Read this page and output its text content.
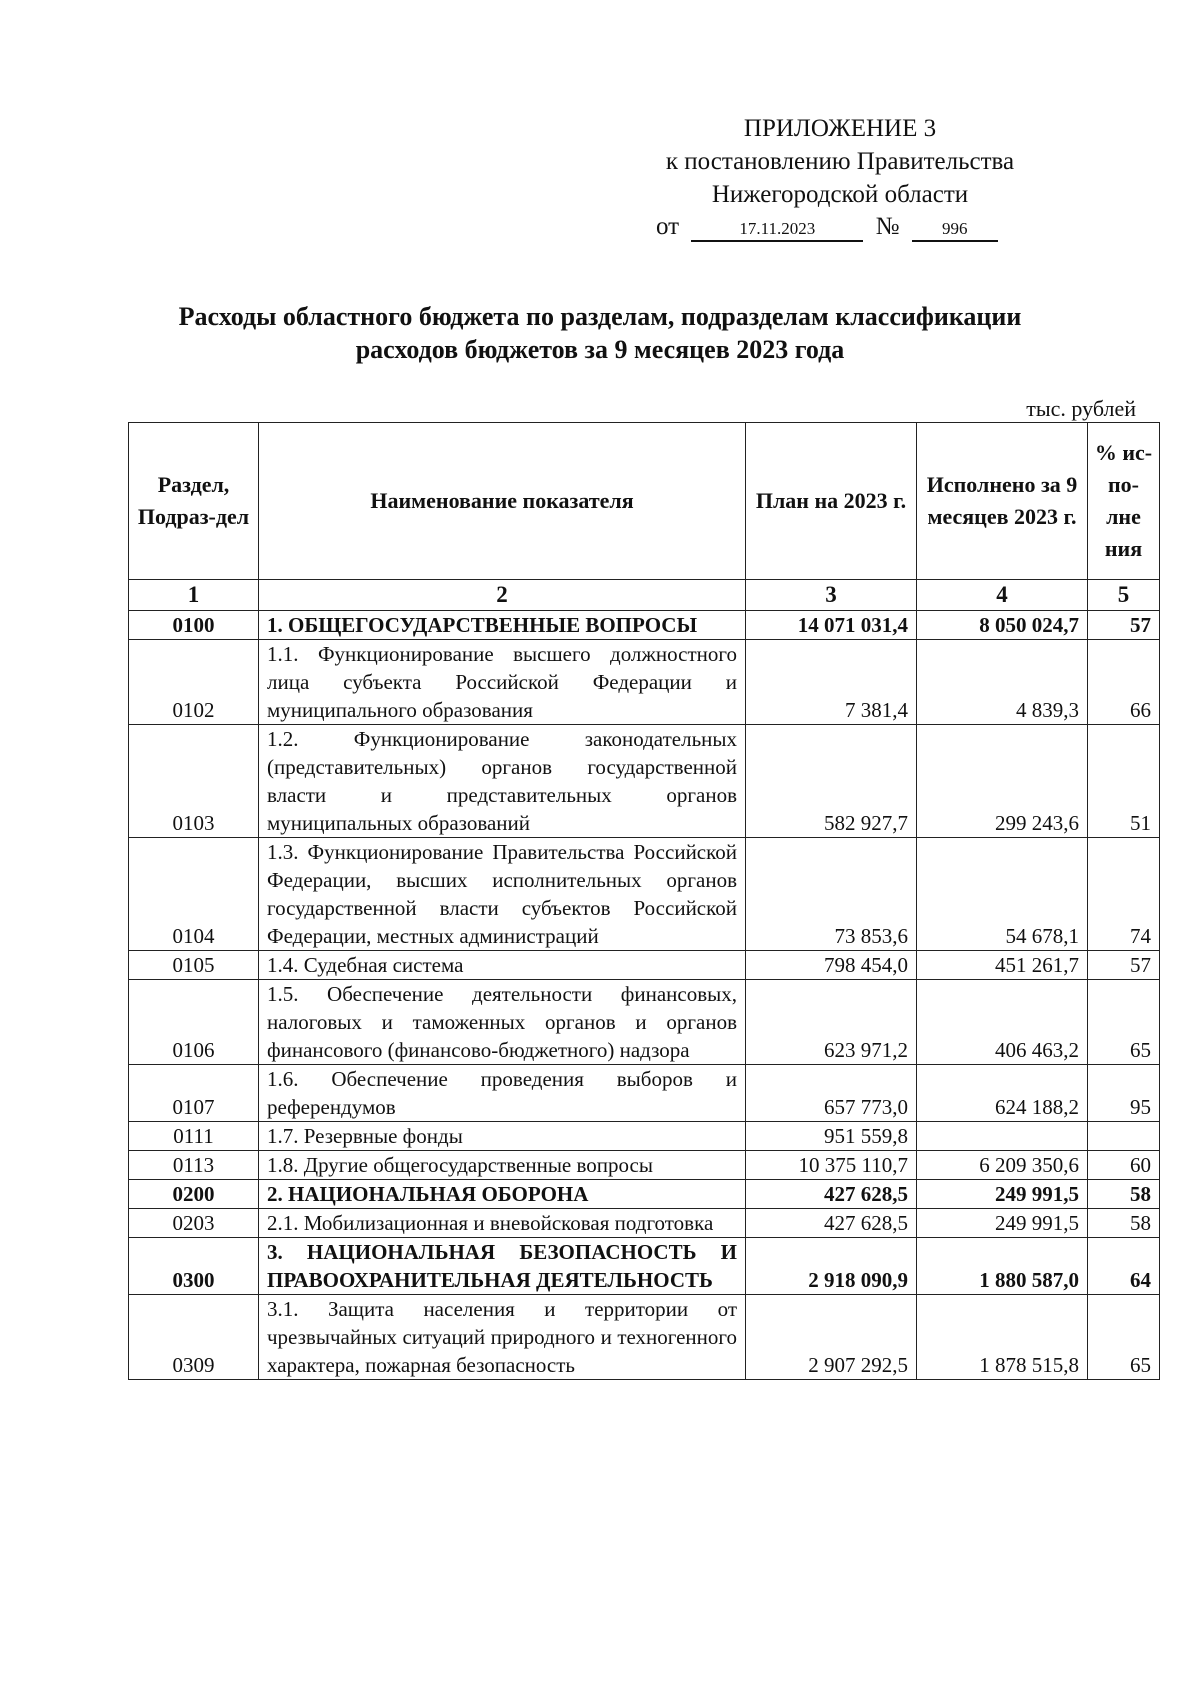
ПРИЛОЖЕНИЕ 3
к постановлению Правительства
Нижегородской области
от	17.11.2023 №	996
Расходы областного бюджета по разделам, подразделам классификации
расходов бюджетов за 9 месяцев 2023 года
тыс. рублей
Раздел, Подраз-дел	Наименование показателя	План на 2023 г.	Исполнено за 9 месяцев 2023 г.	% ис-по-лне ния
1	2	3	4	5
0100	1. ОБЩЕГОСУДАРСТВЕННЫЕ ВОПРОСЫ	14 071 031,4	8 050 024,7	57
0102	1.1. Функционирование высшего должностного лица субъекта Российской Федерации и муниципального образования	7 381,4	4 839,3	66
0103	1.2. Функционирование законодательных (представительных) органов государственной власти и представительных органов муниципальных образований	582 927,7	299 243,6	51
0104	1.3. Функционирование Правительства Российской Федерации, высших исполнительных органов государственной власти субъектов Российской Федерации, местных администраций	73 853,6	54 678,1	74
0105	1.4. Судебная система	798 454,0	451 261,7	57
0106	1.5. Обеспечение деятельности финансовых, налоговых и таможенных органов и органов финансового (финансово-бюджетного) надзора	623 971,2	406 463,2	65
0107	1.6. Обеспечение проведения выборов и референдумов	657 773,0	624 188,2	95
0111	1.7. Резервные фонды	951 559,8		
0113	1.8. Другие общегосударственные вопросы	10 375 110,7	6 209 350,6	60
0200	2. НАЦИОНАЛЬНАЯ ОБОРОНА	427 628,5	249 991,5	58
0203	2.1. Мобилизационная и вневойсковая подготовка	427 628,5	249 991,5	58
0300	3. НАЦИОНАЛЬНАЯ БЕЗОПАСНОСТЬ И ПРАВООХРАНИТЕЛЬНАЯ ДЕЯТЕЛЬНОСТЬ	2 918 090,9	1 880 587,0	64
0309	3.1. Защита населения и территории от чрезвычайных ситуаций природного и техногенного характера, пожарная безопасность	2 907 292,5	1 878 515,8	65
